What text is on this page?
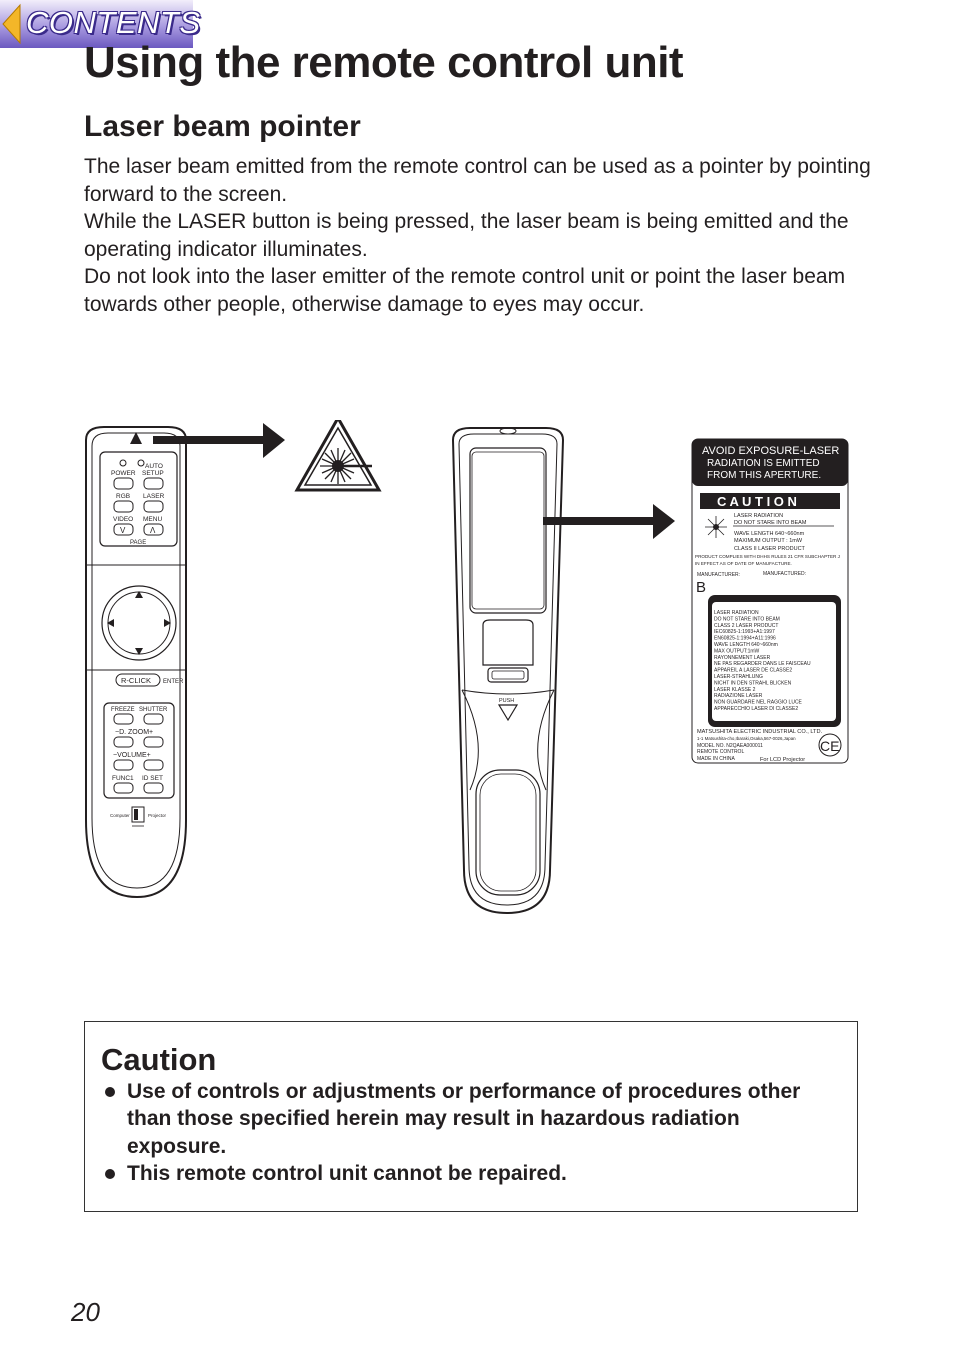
CONTENTS
Using the remote control unit
Laser beam pointer

The laser beam emitted from the remote control can be used as a pointer by pointing forward to the screen.

While the LASER button is being pressed, the laser beam is being emitted and the operating indicator illuminates.

Do not look into the laser emitter of the remote control unit or point the laser beam towards other people, otherwise damage to eyes may occur.

AUTO
POWER SETUP
RGB LASER
VIDEO MENU
V	Λ
PAGE
R-CLICK ENTER
FREEZE SHUTTER
−D. ZOOM+
−VOLUME+
FUNC1 ID SET
Computer	Projector
PUSH
AVOID EXPOSURE-LASER
RADIATION IS EMITTED
FROM THIS APERTURE.
C A U T I O N
LASER RADIATION
DO NOT STARE INTO BEAM
WAVE LENGTH 640~660nm
MAXIMUM OUTPUT : 1mW
CLASS II LASER PRODUCT
PRODUCT COMPLIES WITH DHHS RULES 21 CFR SUBCHAPTER J
IN EFFECT AS OF DATE OF MANUFACTURE.
MANUFACTURER:	MANUFACTURED:
B
LASER RADIATION
DO NOT STARE INTO BEAM
CLASS 2 LASER PRODUCT
IEC60825-1:1993+A1:1997
EN60825-1:1994+A11:1996
WAVE LENGTH 640~660nm
MAX OUTPUT:1mW
RAYONNEMENT LASER
NE PAS REGARDER DANS LE FAISCEAU
APPAREIL A LASER DE CLASSE2
LASER-STRAHLUNG
NICHT IN DEN STRAHL BLICKEN
LASER KLASSE 2
RADIAZIONE LASER
NON GUARDARE NEL RAGGIO LUCE
APPARECCHIO LASER DI CLASSE2
MATSUSHITA ELECTRIC INDUSTRIAL CO., LTD.
1-1 Matsushita-cho,Ibaraki,Osaka,567-0026,Japan
MODEL NO. N2QAEA000011
REMOTE CONTROL
MADE IN CHINA	For LCD Projector
CE
Caution
Use of controls or adjustments or performance of procedures other than those specified herein may result in hazardous radiation exposure.
This remote control unit cannot be repaired.
20
